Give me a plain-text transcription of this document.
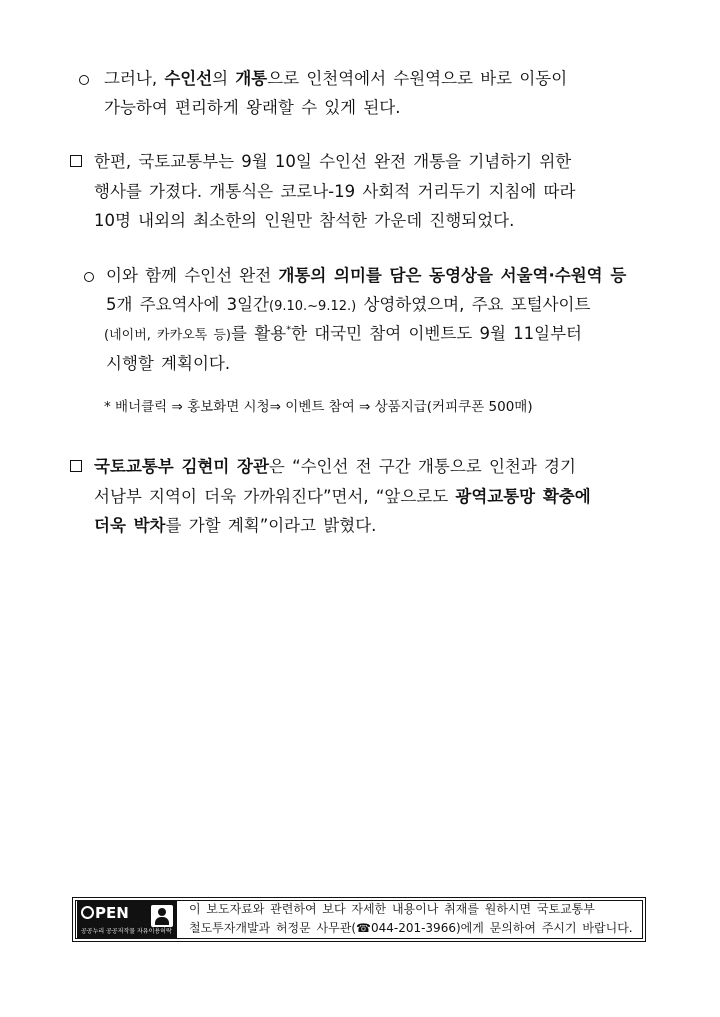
그러나, 수인선의 개통으로 인천역에서 수원역으로 바로 이동이
가능하여 편리하게 왕래할 수 있게 된다.
한편, 국토교통부는 9월 10일 수인선 완전 개통을 기념하기 위한
행사를 가졌다. 개통식은 코로나-19 사회적 거리두기 지침에 따라
10명 내외의 최소한의 인원만 참석한 가운데 진행되었다.
이와 함께 수인선 완전 개통의 의미를 담은 동영상을 서울역·수원역 등
5개 주요역사에 3일간(9.10.~9.12.) 상영하였으며, 주요 포털사이트
(네이버, 카카오톡 등)를 활용*한 대국민 참여 이벤트도 9월 11일부터
시행할 계획이다.
* 배너클릭 ⇒ 홍보화면 시청⇒ 이벤트 참여 ⇒ 상품지급(커피쿠폰 500매)
국토교통부 김현미 장관은 “수인선 전 구간 개통으로 인천과 경기
서남부 지역이 더욱 가까워진다”면서, “앞으로도 광역교통망 확충에
더욱 박차를 가할 계획”이라고 밝혔다.
PEN
공공누리 공공저작물 자유이용허락
이 보도자료와 관련하여 보다 자세한 내용이나 취재를 원하시면 국토교통부
철도투자개발과 허정문 사무관(☎044-201-3966)에게 문의하여 주시기 바랍니다.
